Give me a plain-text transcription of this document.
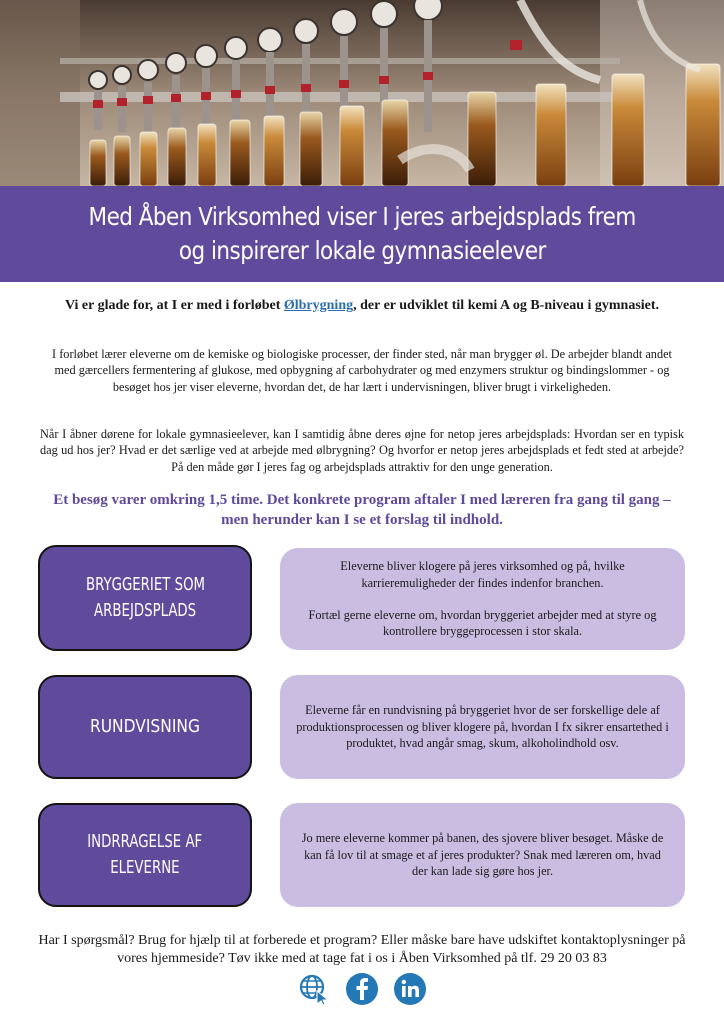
Med Åben Virksomhed viser I jeres arbejdsplads frem
og inspirerer lokale gymnasieelever

Vi er glade for, at I er med i forløbet Ølbrygning, der er udviklet til kemi A og B-niveau i gymnasiet.

I forløbet lærer eleverne om de kemiske og biologiske processer, der finder sted, når man brygger øl. De arbejder blandt andet med gærcellers fermentering af glukose, med opbygning af carbohydrater og med enzymers struktur og bindingslommer - og besøget hos jer viser eleverne, hvordan det, de har lært i undervisningen, bliver brugt i virkeligheden.

Når I åbner dørene for lokale gymnasieelever, kan I samtidig åbne deres øjne for netop jeres arbejdsplads: Hvordan ser en typisk dag ud hos jer? Hvad er det særlige ved at arbejde med ølbrygning? Og hvorfor er netop jeres arbejdsplads et fedt sted at arbejde? På den måde gør I jeres fag og arbejdsplads attraktiv for den unge generation.

Et besøg varer omkring 1,5 time. Det konkrete program aftaler I med læreren fra gang til gang – men herunder kan I se et forslag til indhold.

BRYGGERIET SOM
ARBEJDSPLADS

Eleverne bliver klogere på jeres virksomhed og på, hvilke karrieremuligheder der findes indenfor branchen.

Fortæl gerne eleverne om, hvordan bryggeriet arbejder med at styre og kontrollere bryggeprocessen i stor skala.

RUNDVISNING

Eleverne får en rundvisning på bryggeriet hvor de ser forskellige dele af produktionsprocessen og bliver klogere på, hvordan I fx sikrer ensartethed i produktet, hvad angår smag, skum, alkoholindhold osv.

INDRRAGELSE AF
ELEVERNE

Jo mere eleverne kommer på banen, des sjovere bliver besøget. Måske de kan få lov til at smage et af jeres produkter? Snak med læreren om, hvad der kan lade sig gøre hos jer.

Har I spørgsmål? Brug for hjælp til at forberede et program? Eller måske bare have udskiftet kontaktoplysninger på vores hjemmeside? Tøv ikke med at tage fat i os i Åben Virksomhed på tlf. 29 20 03 83
